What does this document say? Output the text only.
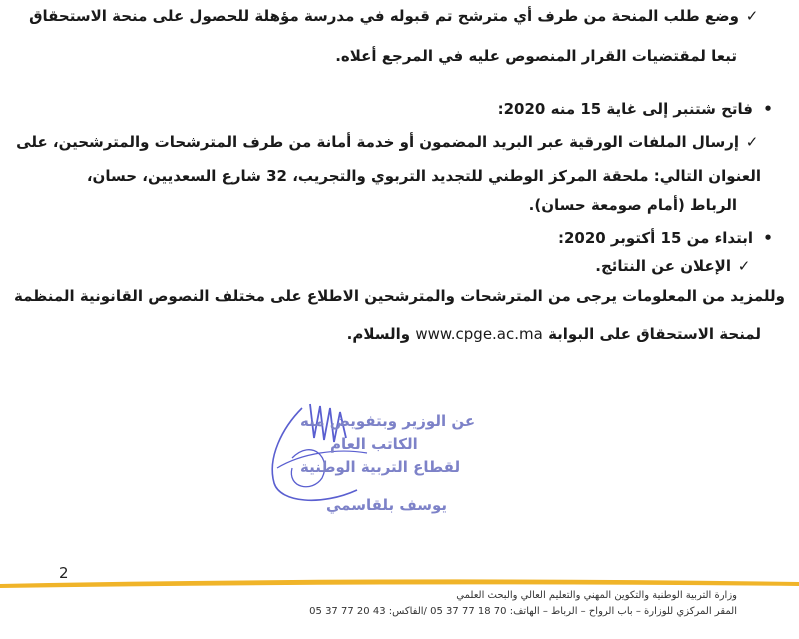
✓وضع طلب المنحة من طرف أي مترشح تم قبوله في مدرسة مؤهلة للحصول على منحة الاستحقاق
تبعا لمقتضيات القرار المنصوص عليه في المرجع أعلاه.
•فاتح شتنبر إلى غاية 15 منه 2020:
✓إرسال الملفات الورقية عبر البريد المضمون أو خدمة أمانة من طرف المترشحات والمترشحين، على
العنوان التالي: ملحقة المركز الوطني للتجديد التربوي والتجريب، 32 شارع السعديين، حسان،
الرباط (أمام صومعة حسان).
•ابتداء من 15 أكتوبر 2020:
✓الإعلان عن النتائج.
وللمزيد من المعلومات يرجى من المترشحات والمترشحين الاطلاع على مختلف النصوص القانونية المنظمة
لمنحة الاستحقاق على البوابة www.cpge.ac.ma والسلام.
عن الوزير وبتفويض منه
الكاتب العام
لقطاع التربية الوطنية
يوسف بلقاسمي
2
وزارة التربية الوطنية والتكوين المهني والتعليم العالي والبحث العلمي
المقر المركزي للوزارة – باب الرواح – الرباط – الهاتف: 70 18 77 37 05 /الفاكس: 43 20 77 37 05
